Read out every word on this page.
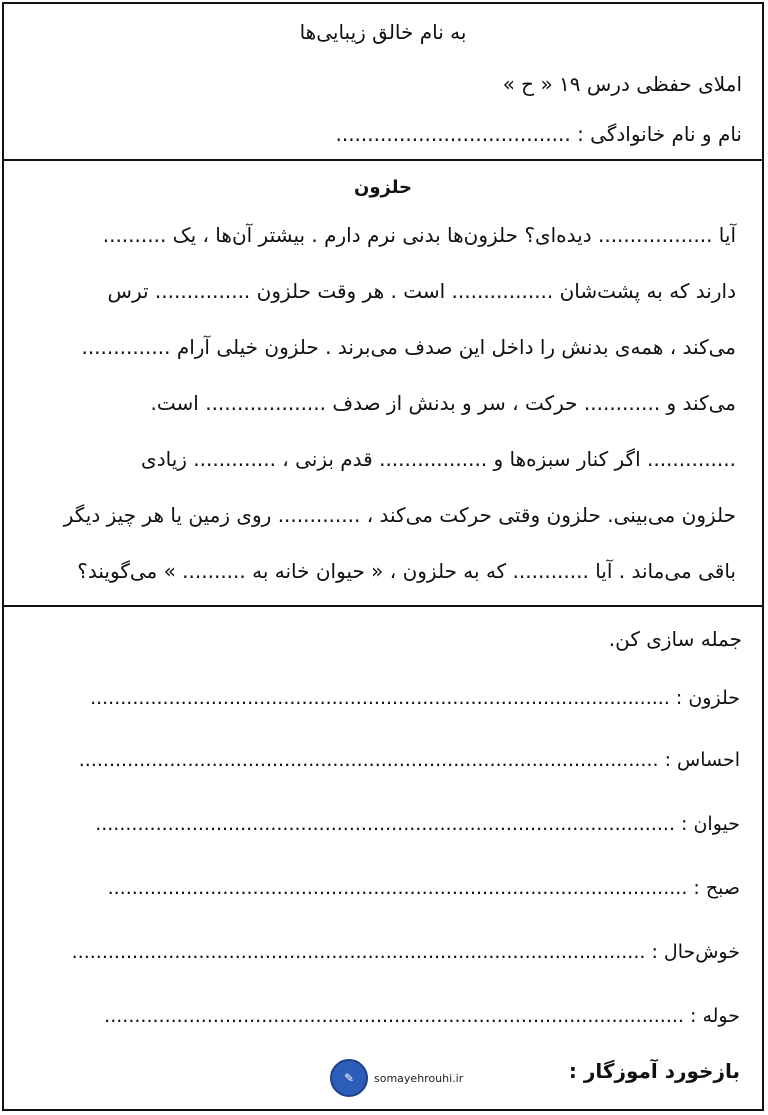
به نام خالق زیبایی‌ها
املای حفظی درس ۱۹ « ح »
نام و نام خانوادگی : .....................................
حلزون
آیا .................. دیده‌ای؟ حلزون‌ها بدنی نرم دارم . بیشتر آن‌ها ، یک ..........
دارند که به پشت‌شان ................ است . هر وقت حلزون ............... ترس
می‌کند ، همه‌ی بدنش را داخل این صدف می‌برند . حلزون خیلی آرام ..............
می‌کند و ............ حرکت ، سر و بدنش از صدف ................... است.
.............. اگر کنار سبزه‌ها و ................. قدم بزنی ، ............. زیادی
حلزون می‌بینی. حلزون وقتی حرکت می‌کند ، ............. روی زمین یا هر چیز دیگر
باقی می‌ماند . آیا ............ که به حلزون ، « حیوان خانه به .......... » می‌گویند؟
جمله سازی کن.
حلزون : ................................................................................................
احساس : ................................................................................................
حیوان : ................................................................................................
صبح : ................................................................................................
خوش‌حال : ...............................................................................................
حوله : ................................................................................................
بازخورد آموزگار :
✎	somayehrouhi.ir
